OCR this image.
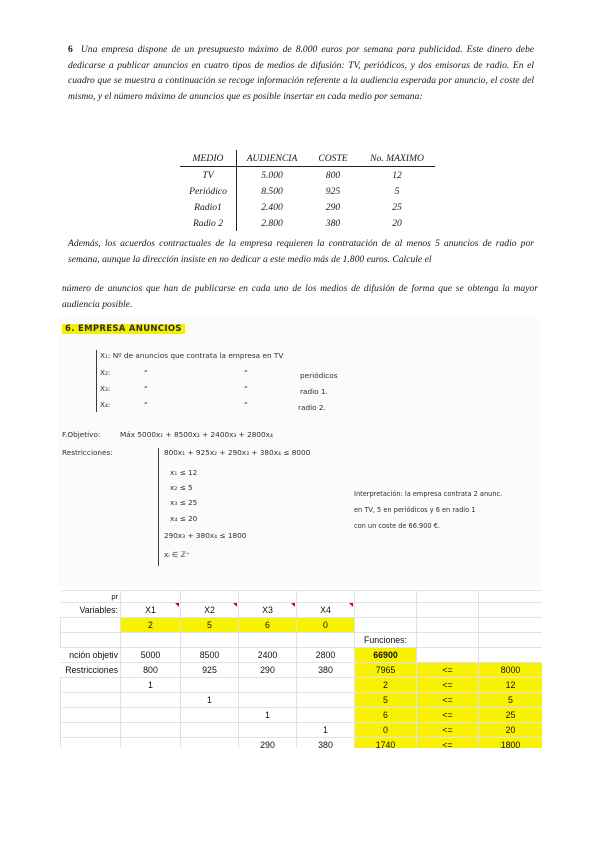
6 Una empresa dispone de un presupuesto máximo de 8.000 euros por semana para publicidad. Este dinero debe dedicarse a publicar anuncios en cuatro tipos de medios de difusión: TV, periódicos, y dos emisoras de radio. En el cuadro que se muestra a continuación se recoge información referente a la audiencia esperada por anuncio, el coste del mismo, y el número máximo de anuncios que es posible insertar en cada medio por semana:
MEDIO	AUDIENCIA	COSTE	No. MAXIMO
TV	5.000	800	12
Periódico	8.500	925	5
Radio1	2.400	290	25
Radio 2	2.800	380	20
Además, los acuerdos contractuales de la empresa requieren la contratación de al menos 5 anuncios de radio por semana, aunque la dirección insiste en no dedicar a este medio más de 1.800 euros. Calcule el
número de anuncios que han de publicarse en cada uno de los medios de difusión de forma que se obtenga la mayor audiencia posible.
6. EMPRESA ANUNCIOS
X₁: Nº de anuncios que contrata la empresa en TV
X₂:	"	"	periódicos
X₃:	"	"	radio 1.
X₄:	"	"	radio 2.
F.Objetivo:	Máx 5000x₁ + 8500x₂ + 2400x₃ + 2800x₄
Restricciones:	800x₁ + 925x₂ + 290x₃ + 380x₄ ≤ 8000
x₁ ≤ 12
x₂ ≤ 5
x₃ ≤ 25
x₄ ≤ 20
290x₃ + 380x₄ ≤ 1800
xᵢ ∈ ℤ⁺
Interpretación: la empresa contrata 2 anunc.
en TV, 5 en periódicos y 6 en radio 1
con un coste de 66.900 €.
pr							
Variables:	X1	X2	X3	X4

	2	5	6	0			
					Funciones:		
nción objetiv	5000	8500	2400	2800	66900		
Restricciones	800	925	290	380	7965	<=	8000
	1				2	<=	12
		1			5	<=	5
			1		6	<=	25
				1	0	<=	20
			290	380	1740	<=	1800
